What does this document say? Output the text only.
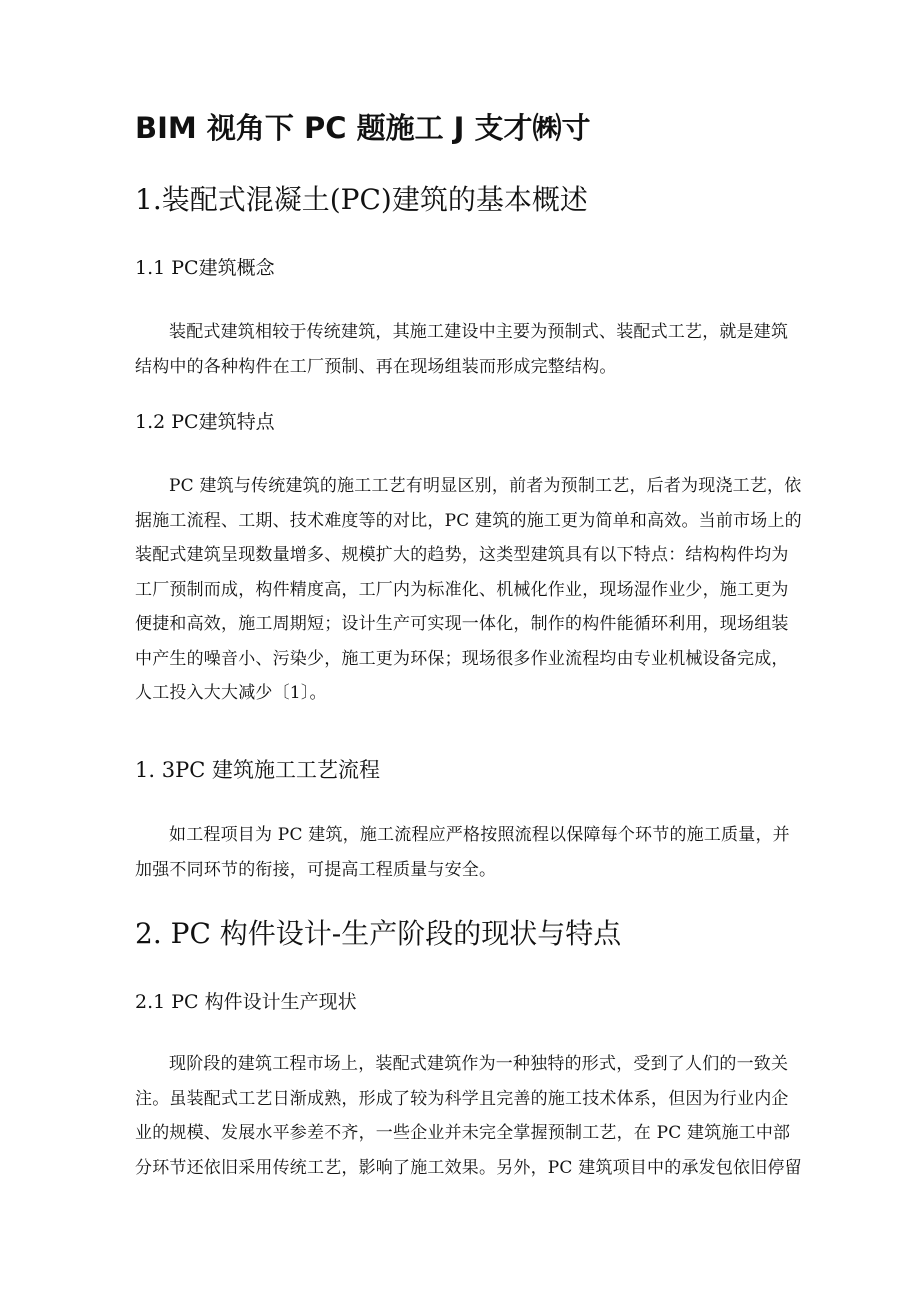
BIM 视角下 PC 题施工 J 支才㈱寸
1.装配式混凝土(PC)建筑的基本概述
1.1 PC建筑概念
装配式建筑相较于传统建筑，其施工建设中主要为预制式、装配式工艺，就是建筑
结构中的各种构件在工厂预制、再在现场组装而形成完整结构。
1.2 PC建筑特点
PC 建筑与传统建筑的施工工艺有明显区别，前者为预制工艺，后者为现浇工艺，依
据施工流程、工期、技术难度等的对比，PC 建筑的施工更为简单和高效。当前市场上的
装配式建筑呈现数量增多、规模扩大的趋势，这类型建筑具有以下特点：结构构件均为
工厂预制而成，构件精度高，工厂内为标准化、机械化作业，现场湿作业少，施工更为
便捷和高效，施工周期短；设计生产可实现一体化，制作的构件能循环利用，现场组装
中产生的噪音小、污染少，施工更为环保；现场很多作业流程均由专业机械设备完成，
人工投入大大减少〔1〕。
1. 3PC 建筑施工工艺流程
如工程项目为 PC 建筑，施工流程应严格按照流程以保障每个环节的施工质量，并
加强不同环节的衔接，可提高工程质量与安全。
2. PC 构件设计-生产阶段的现状与特点
2.1 PC 构件设计生产现状
现阶段的建筑工程市场上，装配式建筑作为一种独特的形式，受到了人们的一致关
注。虽装配式工艺日渐成熟，形成了较为科学且完善的施工技术体系，但因为行业内企
业的规模、发展水平参差不齐，一些企业并未完全掌握预制工艺，在 PC 建筑施工中部
分环节还依旧采用传统工艺，影响了施工效果。另外，PC 建筑项目中的承发包依旧停留
